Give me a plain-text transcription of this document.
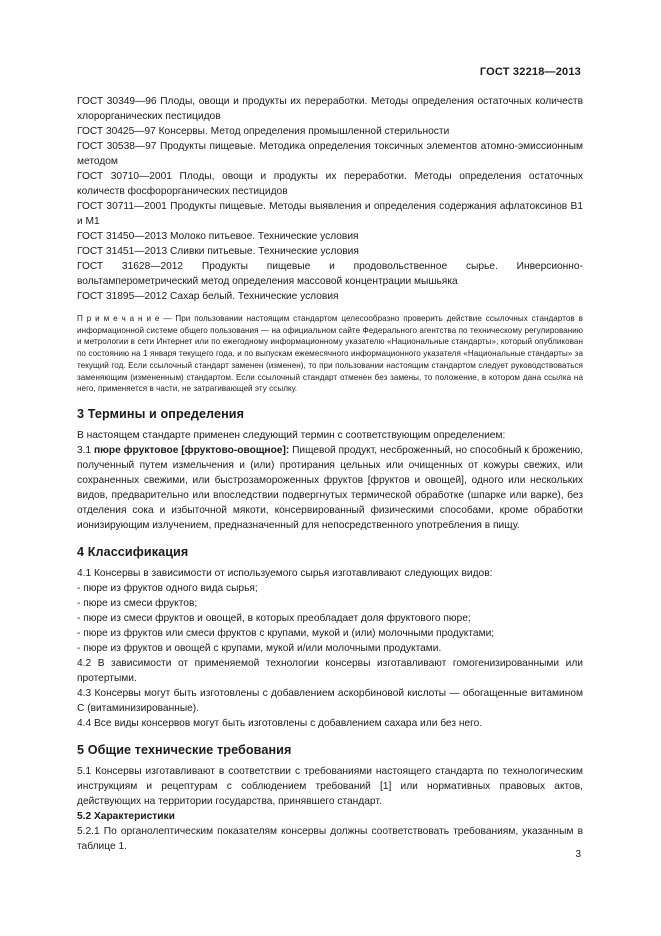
ГОСТ 32218—2013

ГОСТ 30349—96 Плоды, овощи и продукты их переработки. Методы определения остаточных количеств хлорорганических пестицидов

ГОСТ 30425—97 Консервы. Метод определения промышленной стерильности

ГОСТ 30538—97 Продукты пищевые. Методика определения токсичных элементов атомно-эмиссионным методом

ГОСТ 30710—2001 Плоды, овощи и продукты их переработки. Методы определения остаточных количеств фосфорорганических пестицидов

ГОСТ 30711—2001 Продукты пищевые. Методы выявления и определения содержания афлатоксинов В1 и М1

ГОСТ 31450—2013 Молоко питьевое. Технические условия

ГОСТ 31451—2013 Сливки питьевые. Технические условия

ГОСТ 31628—2012 Продукты пищевые и продовольственное сырье. Инверсионно-вольтамперометрический метод определения массовой концентрации мышьяка

ГОСТ 31895—2012 Сахар белый. Технические условия

П р и м е ч а н и е — При пользовании настоящим стандартом целесообразно проверить действие ссылочных стандартов в информационной системе общего пользования — на официальном сайте Федерального агентства по техническому регулированию и метрологии в сети Интернет или по ежегодному информационному указателю «Национальные стандарты», который опубликован по состоянию на 1 января текущего года, и по выпускам ежемесячного информационного указателя «Национальные стандарты» за текущий год. Если ссылочный стандарт заменен (изменен), то при пользовании настоящим стандартом следует руководствоваться заменяющим (измененным) стандартом. Если ссылочный стандарт отменен без замены, то положение, в котором дана ссылка на него, применяется в части, не затрагивающей эту ссылку.

3 Термины и определения

В настоящем стандарте применен следующий термин с соответствующим определением:

3.1 пюре фруктовое [фруктово-овощное]: Пищевой продукт, несброженный, но способный к брожению, полученный путем измельчения и (или) протирания цельных или очищенных от кожуры свежих, или сохраненных свежими, или быстрозамороженных фруктов [фруктов и овощей], одного или нескольких видов, предварительно или впоследствии подвергнутых термической обработке (шпарке или варке), без отделения сока и избыточной мякоти, консервированный физическими способами, кроме обработки ионизирующим излучением, предназначенный для непосредственного употребления в пищу.

4 Классификация

4.1 Консервы в зависимости от используемого сырья изготавливают следующих видов:

- пюре из фруктов одного вида сырья;

- пюре из смеси фруктов;

- пюре из смеси фруктов и овощей, в которых преобладает доля фруктового пюре;

- пюре из фруктов или смеси фруктов с крупами, мукой и (или) молочными продуктами;

- пюре из фруктов и овощей с крупами, мукой и/или молочными продуктами.

4.2 В зависимости от применяемой технологии консервы изготавливают гомогенизированными или протертыми.

4.3 Консервы могут быть изготовлены с добавлением аскорбиновой кислоты — обогащенные витамином С (витаминизированные).

4.4 Все виды консервов могут быть изготовлены с добавлением сахара или без него.

5 Общие технические требования

5.1 Консервы изготавливают в соответствии с требованиями настоящего стандарта по технологическим инструкциям и рецептурам с соблюдением требований [1] или нормативных правовых актов, действующих на территории государства, принявшего стандарт.

5.2 Характеристики

5.2.1 По органолептическим показателям консервы должны соответствовать требованиям, указанным в таблице 1.

3
